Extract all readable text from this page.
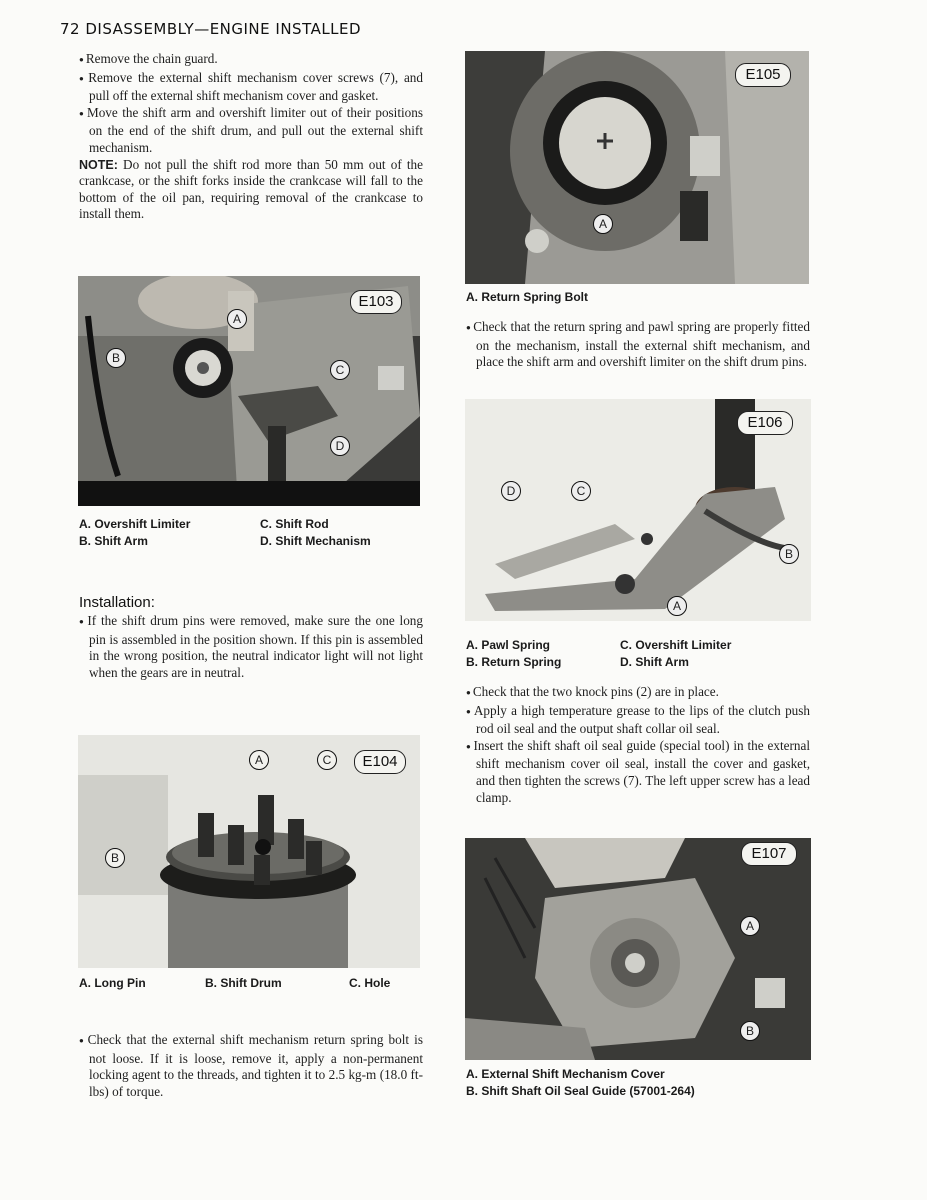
72 DISASSEMBLY—ENGINE INSTALLED
● Remove the chain guard.
● Remove the external shift mechanism cover screws (7), and pull off the external shift mechanism cover and gasket.
● Move the shift arm and overshift limiter out of their positions on the end of the shift drum, and pull out the external shift mechanism.
NOTE: Do not pull the shift rod more than 50 mm out of the crankcase, or the shift forks inside the crankcase will fall to the bottom of the oil pan, requiring removal of the crankcase to install them.
E103
A
B
C
D
A. Overshift Limiter
B. Shift Arm
C. Shift Rod
D. Shift Mechanism
Installation:
● If the shift drum pins were removed, make sure the one long pin is assembled in the position shown. If this pin is assembled in the wrong position, the neutral indicator light will not light when the gears are in neutral.
E104
A
B
C
A. Long Pin	B. Shift Drum	C. Hole
● Check that the external shift mechanism return spring bolt is not loose. If it is loose, remove it, apply a non-permanent locking agent to the threads, and tighten it to 2.5 kg-m (18.0 ft-lbs) of torque.
E105
A
A. Return Spring Bolt
● Check that the return spring and pawl spring are properly fitted on the mechanism, install the external shift mechanism, and place the shift arm and overshift limiter on the shift drum pins.
E106
A
B
C
D
A. Pawl Spring
B. Return Spring
C. Overshift Limiter
D. Shift Arm
● Check that the two knock pins (2) are in place.
● Apply a high temperature grease to the lips of the clutch push rod oil seal and the output shaft collar oil seal.
● Insert the shift shaft oil seal guide (special tool) in the external shift mechanism cover oil seal, install the cover and gasket, and then tighten the screws (7). The left upper screw has a lead clamp.
E107
A
B
A. External Shift Mechanism Cover
B. Shift Shaft Oil Seal Guide (57001-264)
